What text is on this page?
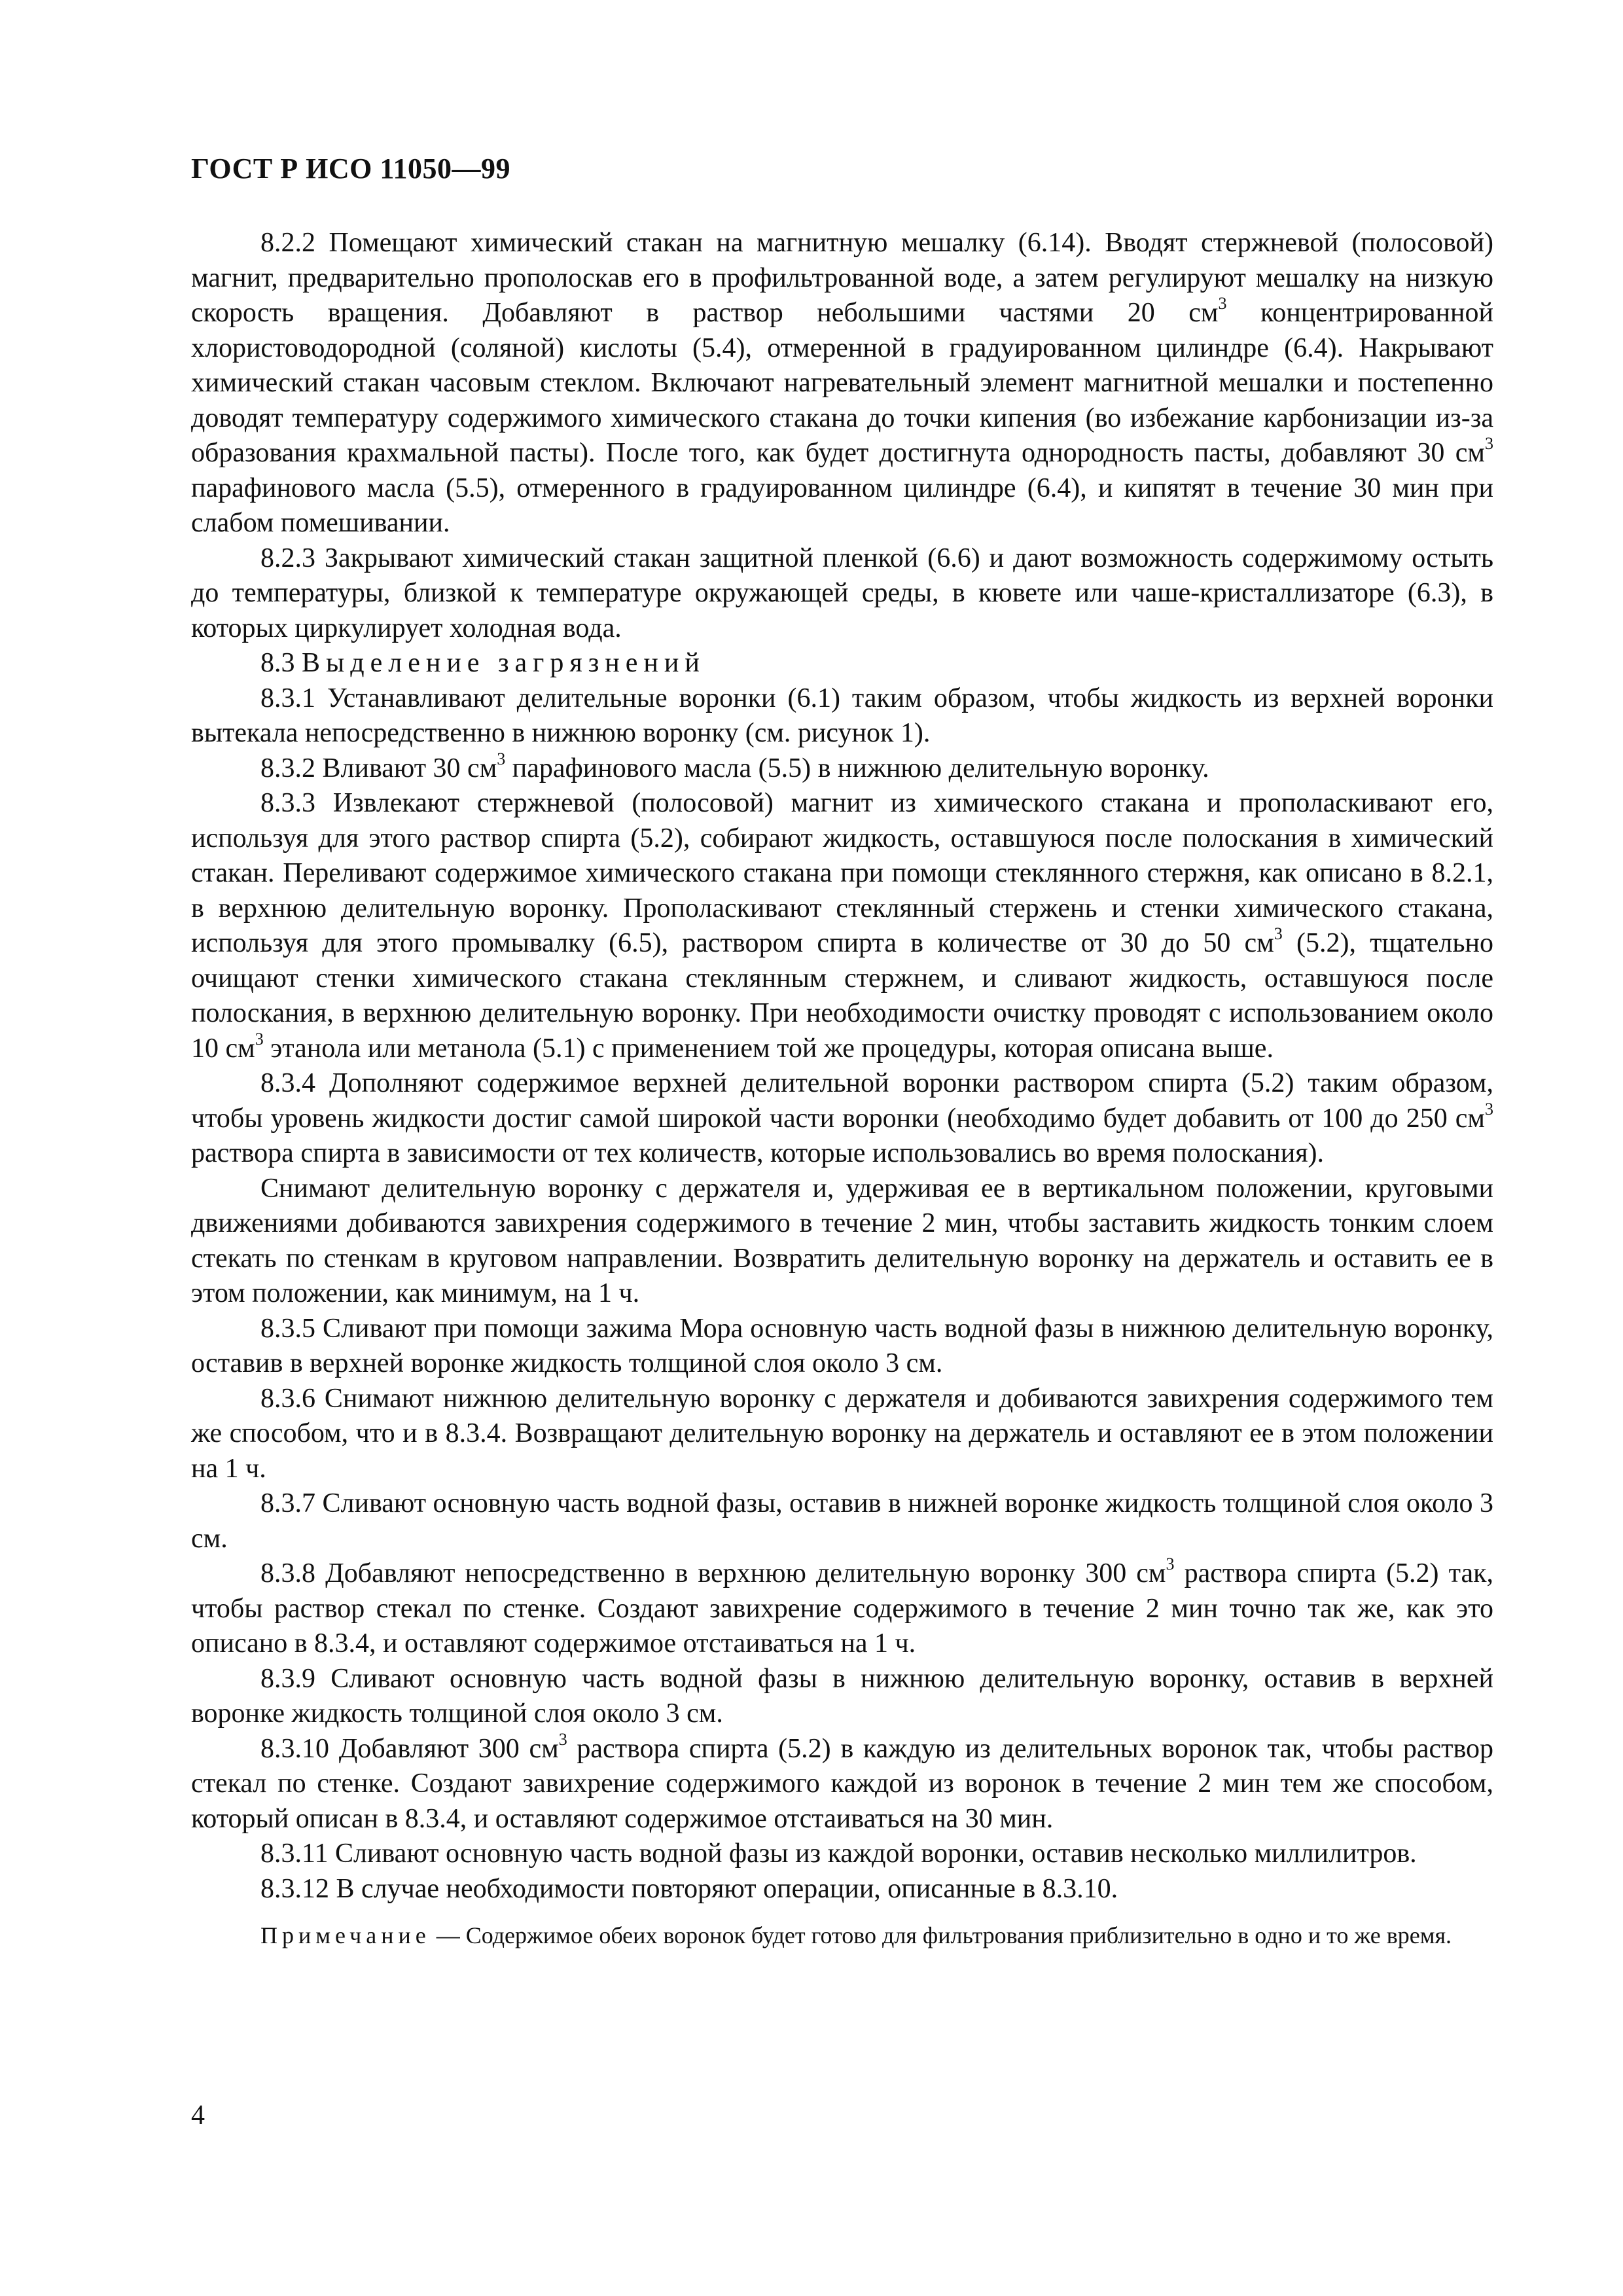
ГОСТ Р ИСО 11050—99

8.2.2 Помещают химический стакан на магнитную мешалку (6.14). Вводят стержневой (полосовой) магнит, предварительно прополоскав его в профильтрованной воде, а затем регулируют мешалку на низкую скорость вращения. Добавляют в раствор небольшими частями 20 $см^3$ концентрированной хлористоводородной (соляной) кислоты (5.4), отмеренной в градуированном цилиндре (6.4). Накрывают химический стакан часовым стеклом. Включают нагревательный элемент магнитной мешалки и постепенно доводят температуру содержимого химического стакана до точки кипения (во избежание карбонизации из-за образования крахмальной пасты). После того, как будет достигнута однородность пасты, добавляют 30 $см^3$ парафинового масла (5.5), отмеренного в градуированном цилиндре (6.4), и кипятят в течение 30 мин при слабом помешивании.

8.2.3 Закрывают химический стакан защитной пленкой (6.6) и дают возможность содержимому остыть до температуры, близкой к температуре окружающей среды, в кювете или чаше-кристаллизаторе (6.3), в которых циркулирует холодная вода.

8.3 Выделение загрязнений

8.3.1 Устанавливают делительные воронки (6.1) таким образом, чтобы жидкость из верхней воронки вытекала непосредственно в нижнюю воронку (см. рисунок 1).

8.3.2 Вливают 30 $см^3$ парафинового масла (5.5) в нижнюю делительную воронку.

8.3.3 Извлекают стержневой (полосовой) магнит из химического стакана и прополаскивают его, используя для этого раствор спирта (5.2), собирают жидкость, оставшуюся после полоскания в химический стакан. Переливают содержимое химического стакана при помощи стеклянного стержня, как описано в 8.2.1, в верхнюю делительную воронку. Прополаскивают стеклянный стержень и стенки химического стакана, используя для этого промывалку (6.5), раствором спирта в количестве от 30 до 50 $см^3$ (5.2), тщательно очищают стенки химического стакана стеклянным стержнем, и сливают жидкость, оставшуюся после полоскания, в верхнюю делительную воронку. При необходимости очистку проводят с использованием около 10 $см^3$ этанола или метанола (5.1) с применением той же процедуры, которая описана выше.

8.3.4 Дополняют содержимое верхней делительной воронки раствором спирта (5.2) таким образом, чтобы уровень жидкости достиг самой широкой части воронки (необходимо будет добавить от 100 до 250 $см^3$ раствора спирта в зависимости от тех количеств, которые использовались во время полоскания).

Снимают делительную воронку с держателя и, удерживая ее в вертикальном положении, круговыми движениями добиваются завихрения содержимого в течение 2 мин, чтобы заставить жидкость тонким слоем стекать по стенкам в круговом направлении. Возвратить делительную воронку на держатель и оставить ее в этом положении, как минимум, на 1 ч.

8.3.5 Сливают при помощи зажима Мора основную часть водной фазы в нижнюю делительную воронку, оставив в верхней воронке жидкость толщиной слоя около 3 см.

8.3.6 Снимают нижнюю делительную воронку с держателя и добиваются завихрения содержимого тем же способом, что и в 8.3.4. Возвращают делительную воронку на держатель и оставляют ее в этом положении на 1 ч.

8.3.7 Сливают основную часть водной фазы, оставив в нижней воронке жидкость толщиной слоя около 3 см.

8.3.8 Добавляют непосредственно в верхнюю делительную воронку 300 $см^3$ раствора спирта (5.2) так, чтобы раствор стекал по стенке. Создают завихрение содержимого в течение 2 мин точно так же, как это описано в 8.3.4, и оставляют содержимое отстаиваться на 1 ч.

8.3.9 Сливают основную часть водной фазы в нижнюю делительную воронку, оставив в верхней воронке жидкость толщиной слоя около 3 см.

8.3.10 Добавляют 300 $см^3$ раствора спирта (5.2) в каждую из делительных воронок так, чтобы раствор стекал по стенке. Создают завихрение содержимого каждой из воронок в течение 2 мин тем же способом, который описан в 8.3.4, и оставляют содержимое отстаиваться на 30 мин.

8.3.11 Сливают основную часть водной фазы из каждой воронки, оставив несколько миллилитров.

8.3.12 В случае необходимости повторяют операции, описанные в 8.3.10.

Примечание — Содержимое обеих воронок будет готово для фильтрования приблизительно в одно и то же время.

4
